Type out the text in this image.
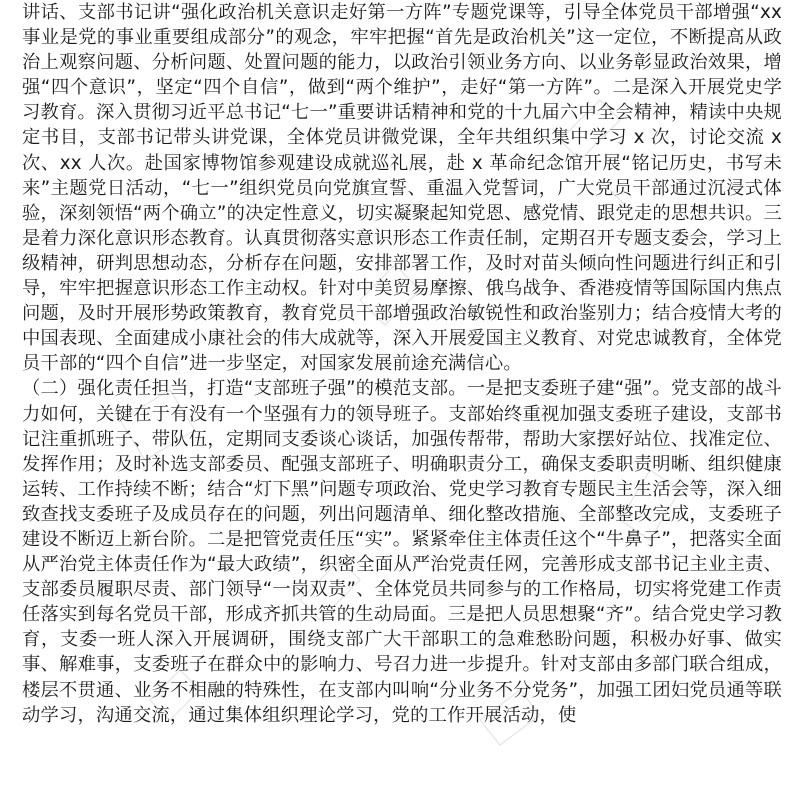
讲话、支部书记讲“强化政治机关意识走好第一方阵”专题党课等，引导全体党员干部增强“xx事业是党的事业重要组成部分”的观念，牢牢把握“首先是政治机关”这一定位，不断提高从政治上观察问题、分析问题、处置问题的能力，以政治引领业务方向、以业务彰显政治效果，增强“四个意识”，坚定“四个自信”，做到“两个维护”，走好“第一方阵”。二是深入开展党史学习教育。深入贯彻习近平总书记“七一”重要讲话精神和党的十九届六中全会精神，精读中央规定书目，支部书记带头讲党课，全体党员讲微党课，全年共组织集中学习 x 次，讨论交流 x 次、xx 人次。赴国家博物馆参观建设成就巡礼展，赴 x 革命纪念馆开展“铭记历史，书写未来”主题党日活动，“七一”组织党员向党旗宣誓、重温入党誓词，广大党员干部通过沉浸式体验，深刻领悟“两个确立”的决定性意义，切实凝聚起知党恩、感党情、跟党走的思想共识。三是着力深化意识形态教育。认真贯彻落实意识形态工作责任制，定期召开专题支委会，学习上级精神，研判思想动态，分析存在问题，安排部署工作，及时对苗头倾向性问题进行纠正和引导，牢牢把握意识形态工作主动权。针对中美贸易摩擦、俄乌战争、香港疫情等国际国内焦点问题，及时开展形势政策教育，教育党员干部增强政治敏锐性和政治鉴别力；结合疫情大考的中国表现、全面建成小康社会的伟大成就等，深入开展爱国主义教育、对党忠诚教育，全体党员干部的“四个自信”进一步坚定，对国家发展前途充满信心。

（二）强化责任担当，打造“支部班子强”的模范支部。一是把支委班子建“强”。党支部的战斗力如何，关键在于有没有一个坚强有力的领导班子。支部始终重视加强支委班子建设，支部书记注重抓班子、带队伍，定期同支委谈心谈话，加强传帮带，帮助大家摆好站位、找准定位、发挥作用；及时补选支部委员、配强支部班子、明确职责分工，确保支委职责明晰、组织健康运转、工作持续不断；结合“灯下黑”问题专项政治、党史学习教育专题民主生活会等，深入细致查找支委班子及成员存在的问题，列出问题清单、细化整改措施、全部整改完成，支委班子建设不断迈上新台阶。二是把管党责任压“实”。紧紧牵住主体责任这个“牛鼻子”，把落实全面从严治党主体责任作为“最大政绩”，织密全面从严治党责任网，完善形成支部书记主业主责、支部委员履职尽责、部门领导“一岗双责”、全体党员共同参与的工作格局，切实将党建工作责任落实到每名党员干部，形成齐抓共管的生动局面。三是把人员思想聚“齐”。结合党史学习教育，支委一班人深入开展调研，围绕支部广大干部职工的急难愁盼问题，积极办好事、做实事、解难事，支委班子在群众中的影响力、号召力进一步提升。针对支部由多部门联合组成，楼层不贯通、业务不相融的特殊性，在支部内叫响“分业务不分党务”，加强工团妇党员通等联动学习，沟通交流，通过集体组织理论学习，党的工作开展活动，使
